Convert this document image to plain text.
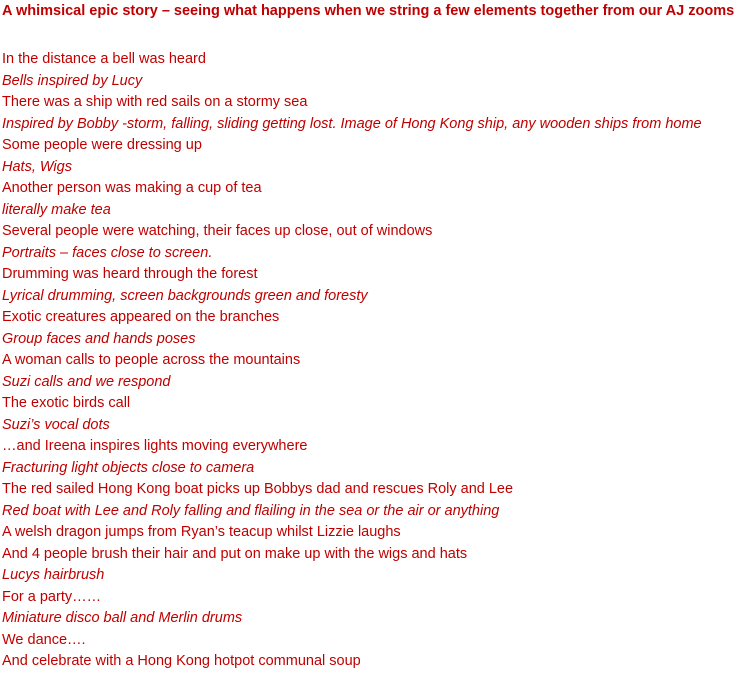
A whimsical epic story – seeing what happens when we string a few elements together from our AJ zooms
In the distance a bell was heard
Bells inspired by Lucy
There was a ship with red sails on a stormy sea
Inspired by Bobby -storm, falling, sliding getting lost. Image of Hong Kong ship, any wooden ships from home
Some people were dressing up
Hats, Wigs
Another person was making a cup of tea
literally make tea
Several people were watching, their faces up close, out of windows
Portraits – faces close to screen.
Drumming was heard through the forest
Lyrical drumming, screen backgrounds green and foresty
Exotic creatures appeared on the branches
Group faces and hands poses
A woman calls to people across the mountains
Suzi calls and we respond
The exotic birds call
Suzi’s vocal dots
…and Ireena inspires lights moving everywhere
Fracturing light objects close to camera
The red sailed Hong Kong boat picks up Bobbys dad and rescues Roly and Lee
Red boat with Lee and Roly falling and flailing in the sea or the air or anything
A welsh dragon jumps from Ryan’s teacup whilst Lizzie laughs
And 4 people brush their hair and put on make up with the wigs and hats
Lucys hairbrush
For a party……
Miniature disco ball and Merlin drums
We dance….
And celebrate with a Hong Kong hotpot communal soup
